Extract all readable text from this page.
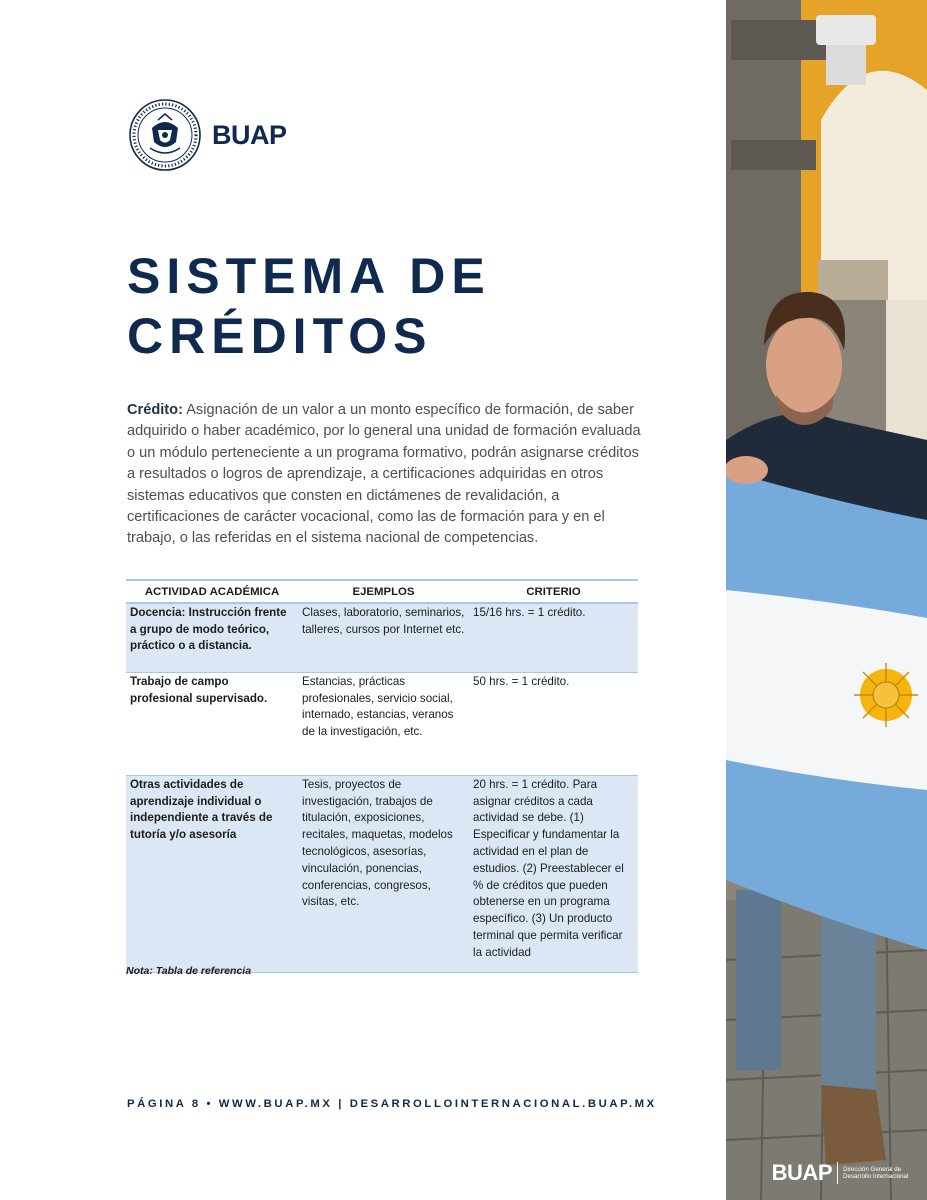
BUAP
SISTEMA DE
CRÉDITOS

Crédito: Asignación de un valor a un monto específico de formación, de saber adquirido o haber académico, por lo general una unidad de formación evaluada o un módulo perteneciente a un programa formativo, podrán asignarse créditos a resultados o logros de aprendizaje, a certificaciones adquiridas en otros sistemas educativos que consten en dictámenes de revalidación, a certificaciones de carácter vocacional, como las de formación para y en el trabajo, o las referidas en el sistema nacional de competencias.

ACTIVIDAD ACADÉMICA	EJEMPLOS	CRITERIO
Docencia: Instrucción frente a grupo de modo teórico, práctico o a distancia.	Clases, laboratorio, seminarios, talleres, cursos por Internet etc.	15/16 hrs. = 1 crédito.
Trabajo de campo profesional supervisado.	Estancias, prácticas profesionales, servicio social, internado, estancias, veranos de la investigación, etc.	50 hrs. = 1 crédito.
Otras actividades de aprendizaje individual o independiente a través de tutoría y/o asesoría	Tesis, proyectos de investigación, trabajos de titulación, exposiciones, recitales, maquetas, modelos tecnológicos, asesorías, vinculación, ponencias, conferencias, congresos, visitas, etc.	20 hrs. = 1 crédito. Para asignar créditos a cada actividad se debe. (1) Especificar y fundamentar la actividad en el plan de estudios. (2) Preestablecer el % de créditos que pueden obtenerse en un programa específico. (3) Un producto terminal que permita verificar la actividad
Nota: Tabla de referencia
PÁGINA 8 • WWW.BUAP.MX | DESARROLLOINTERNACIONAL.BUAP.MX
BUAP Dirección General de Desarrollo Internacional
